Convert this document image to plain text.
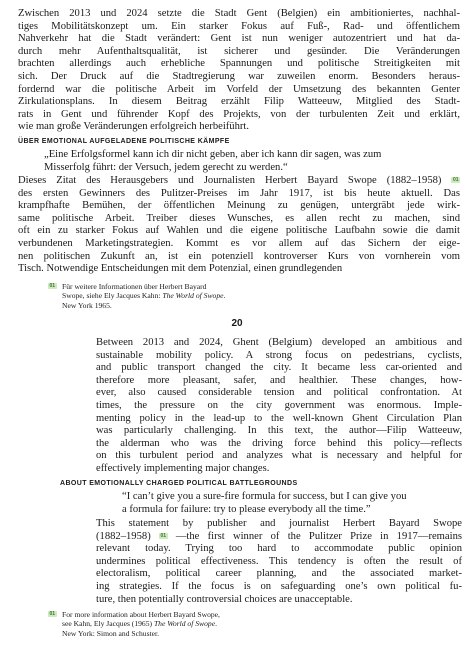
Zwischen 2013 und 2024 setzte die Stadt Gent (Belgien) ein ambitioniertes, nachhal-

tiges Mobilitätskonzept um. Ein starker Fokus auf Fuß-, Rad- und öffentlichem

Nahverkehr hat die Stadt verändert: Gent ist nun weniger autozentriert und hat da-

durch mehr Aufenthaltsqualität, ist sicherer und gesünder. Die Veränderungen

brachten allerdings auch erhebliche Spannungen und politische Streitigkeiten mit

sich. Der Druck auf die Stadtregierung war zuweilen enorm. Besonders heraus-

fordernd war die politische Arbeit im Vorfeld der Umsetzung des bekannten Genter

Zirkulationsplans. In diesem Beitrag erzählt Filip Watteeuw, Mitglied des Stadt-

rats in Gent und führender Kopf des Projekts, von der turbulenten Zeit und erklärt,

wie man große Veränderungen erfolgreich herbeiführt.

ÜBER EMOTIONAL AUFGELADENE POLITISCHE KÄMPFE

„Eine Erfolgsformel kann ich dir nicht geben, aber ich kann dir sagen, was zum

Misserfolg führt: der Versuch, jedem gerecht zu werden.“

Dieses Zitat des Herausgebers und Journalisten Herbert Bayard Swope (1882–1958) 01

des ersten Gewinners des Pulitzer-Preises im Jahr 1917, ist bis heute aktuell. Das

krampfhafte Bemühen, der öffentlichen Meinung zu genügen, untergräbt jede wirk-

same politische Arbeit. Treiber dieses Wunsches, es allen recht zu machen, sind

oft ein zu starker Fokus auf Wahlen und die eigene politische Laufbahn sowie die damit

verbundenen Marketingstrategien. Kommt es vor allem auf das Sichern der eige-

nen politischen Zukunft an, ist ein potenziell kontroverser Kurs von vornherein vom

Tisch. Notwendige Entscheidungen mit dem Potenzial, einen grundlegenden

01 Für weitere Informationen über Herbert Bayard
Swope, siehe Ely Jacques Kahn: The World of Swope.
New York 1965.
20

Between 2013 and 2024, Ghent (Belgium) developed an ambitious and

sustainable mobility policy. A strong focus on pedestrians, cyclists,

and public transport changed the city. It became less car-oriented and

therefore more pleasant, safer, and healthier. These changes, how-

ever, also caused considerable tension and political confrontation. At

times, the pressure on the city government was enormous. Imple-

menting policy in the lead-up to the well-known Ghent Circulation Plan

was particularly challenging. In this text, the author—Filip Watteeuw,

the alderman who was the driving force behind this policy—reflects

on this turbulent period and analyzes what is necessary and helpful for

effectively implementing major changes.

ABOUT EMOTIONALLY CHARGED POLITICAL BATTLEGROUNDS

“I can’t give you a sure-fire formula for success, but I can give you

a formula for failure: try to please everybody all the time.”

This statement by publisher and journalist Herbert Bayard Swope

(1882–1958) 01 —the first winner of the Pulitzer Prize in 1917—remains

relevant today. Trying too hard to accommodate public opinion

undermines political effectiveness. This tendency is often the result of

electoralism, political career planning, and the associated market-

ing strategies. If the focus is on safeguarding one’s own political fu-

ture, then potentially controversial choices are unacceptable.

01 For more information about Herbert Bayard Swope,
see Kahn, Ely Jacques (1965) The World of Swope.
New York: Simon and Schuster.
